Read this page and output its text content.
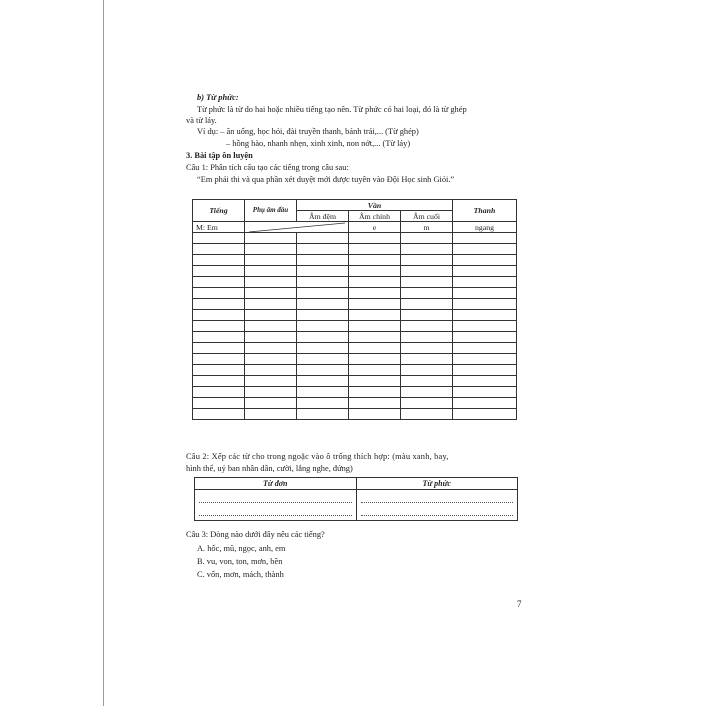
b) Từ phức:
Từ phức là từ do hai hoặc nhiều tiếng tạo nên. Từ phức có hai loại, đó là từ ghép
và từ láy.
Ví dụ: – ăn uống, học hỏi, đài truyền thanh, bánh trái,... (Từ ghép)
– hồng hào, nhanh nhẹn, xinh xinh, non nớt,... (Từ láy)
3. Bài tập ôn luyện
Câu 1: Phân tích cấu tạo các tiếng trong câu sau:
“Em phải thi và qua phần xét duyệt mới được tuyên vào Đội Học sinh Giỏi.”
Tiếng	Phụ âm đầu	Vần			Thanh
		Âm đệm	Âm chính	Âm cuối	
M: Em			e	m	ngang

Câu 2: Xếp các từ cho trong ngoặc vào ô trống thích hợp: (màu xanh, bay,
hình thể, uỷ ban nhân dân, cười, lắng nghe, đứng)
Từ đơn	Từ phức

Câu 3: Dòng nào dưới đây nêu các tiếng?
A. hốc, mũ, ngọc, anh, em
B. vu, von, ton, mơn, bền
C. vốn, mơn, mách, thành
7
